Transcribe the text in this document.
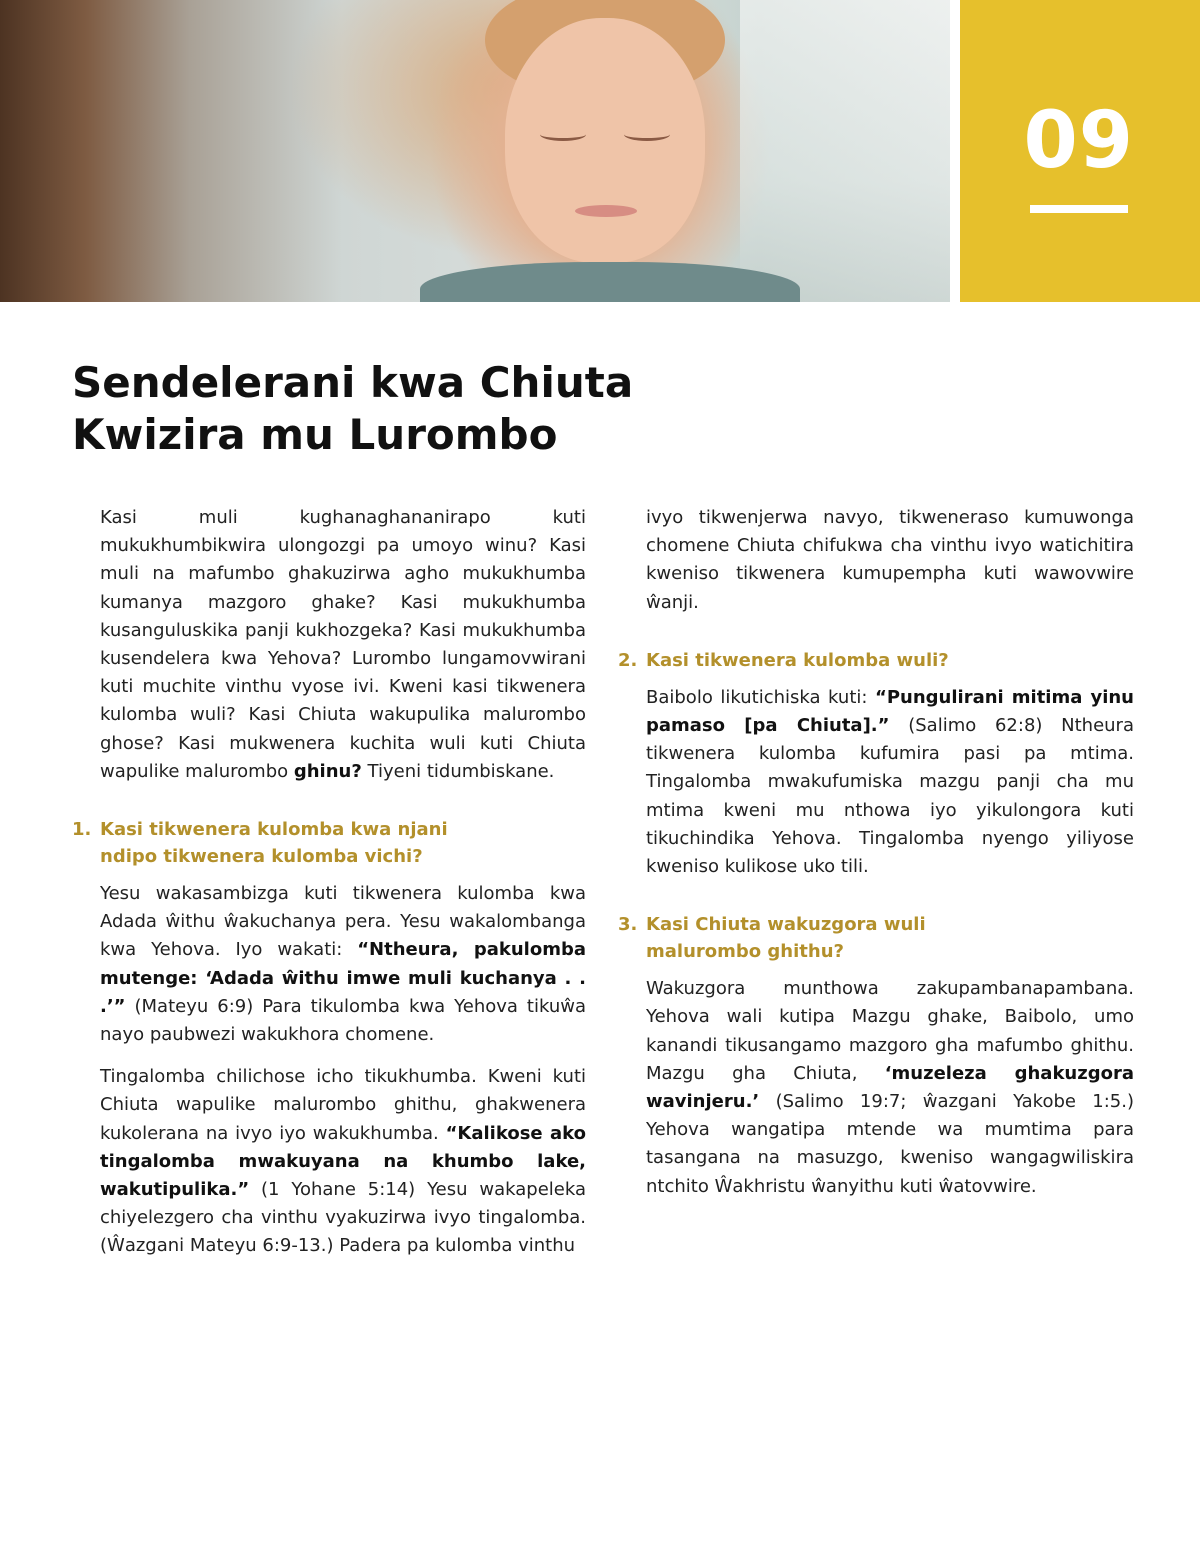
09
Sendelerani kwa Chiuta
Kwizira mu Lurombo

Kasi muli kughanaghananirapo kuti mukukhumbikwira ulongozgi pa umoyo winu? Kasi muli na mafumbo ghakuzirwa agho mukukhumba kumanya mazgoro ghake? Kasi mukukhumba kusanguluskika panji kukhozgeka? Kasi mukukhumba kusendelera kwa Yehova? Lurombo lungamovwirani kuti muchite vinthu vyose ivi. Kweni kasi tikwenera kulomba wuli? Kasi Chiuta wakupulika malurombo ghose? Kasi mukwenera kuchita wuli kuti Chiuta wapulike malurombo ghinu? Tiyeni tidumbiskane.

1. Kasi tikwenera kulomba kwa njani
ndipo tikwenera kulomba vichi?

Yesu wakasambizga kuti tikwenera kulomba kwa Adada ŵithu ŵakuchanya pera. Yesu wakalombanga kwa Yehova. Iyo wakati: “Ntheura, pakulomba mutenge: ‘Adada ŵithu imwe muli kuchanya . . .’” (Mateyu 6:9) Para tikulomba kwa Yehova tikuŵa nayo paubwezi wakukhora chomene.

Tingalomba chilichose icho tikukhumba. Kweni kuti Chiuta wapulike malurombo ghithu, ghakwenera kukolerana na ivyo iyo wakukhumba. “Kalikose ako tingalomba mwakuyana na khumbo lake, wakutipulika.” (1 Yohane 5:14) Yesu wakapeleka chiyelezgero cha vinthu vyakuzirwa ivyo tingalomba. (Ŵazgani Mateyu 6:9-13.) Padera pa kulomba vinthu

ivyo tikwenjerwa navyo, tikweneraso kumuwonga chomene Chiuta chifukwa cha vinthu ivyo watichitira kweniso tikwenera kumupempha kuti wawovwire ŵanji.

2. Kasi tikwenera kulomba wuli?

Baibolo likutichiska kuti: “Pungulirani mitima yinu pamaso [pa Chiuta].” (Salimo 62:8) Ntheura tikwenera kulomba kufumira pasi pa mtima. Tingalomba mwakufumiska mazgu panji cha mu mtima kweni mu nthowa iyo yikulongora kuti tikuchindika Yehova. Tingalomba nyengo yiliyose kweniso kulikose uko tili.

3. Kasi Chiuta wakuzgora wuli
malurombo ghithu?

Wakuzgora munthowa zakupambanapambana. Yehova wali kutipa Mazgu ghake, Baibolo, umo kanandi tikusangamo mazgoro gha mafumbo ghithu. Mazgu gha Chiuta, ‘muzeleza ghakuzgora wavinjeru.’ (Salimo 19:7; ŵazgani Yakobe 1:5.) Yehova wangatipa mtende wa mumtima para tasangana na masuzgo, kweniso wangagwiliskira ntchito Ŵakhristu ŵanyithu kuti ŵatovwire.
